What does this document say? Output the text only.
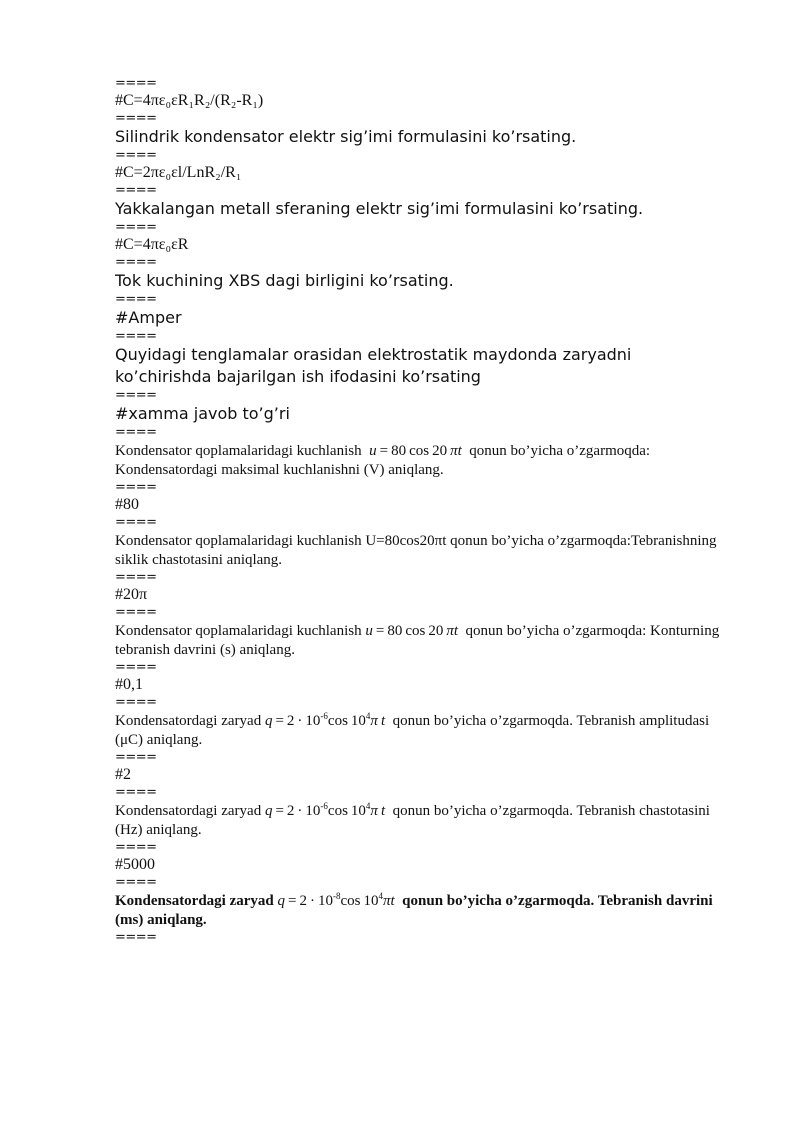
====
#C=4πε₀εR₁R₂/(R₂-R₁)
====
Silindrik kondensator elektr sig’imi formulasini ko’rsating.
====
#C=2πε₀εl/LnR₂/R₁
====
Yakkalangan metall sferaning elektr sig’imi formulasini ko’rsating.
====
#C=4πε₀εR
====
Tok kuchining XBS dagi birligini ko’rsating.
====
#Amper
====
Quyidagi tenglamalar orasidan elektrostatik maydonda zaryadni ko’chirishda bajarilgan ish ifodasini ko’rsating
====
#xamma javob to’g’ri
====
Kondensator qoplamalaridagi kuchlanish u = 80 cos 20 πt qonun bo’yicha o’zgarmoqda: Kondensatordagi maksimal kuchlanishni (V) aniqlang.
====
#80
====
Kondensator qoplamalaridagi kuchlanish U=80cos20πt qonun bo’yicha o’zgarmoqda:Tebranishning siklik chastotasini aniqlang.
====
#20π
====
Kondensator qoplamalaridagi kuchlanish u = 80 cos 20 πt qonun bo’yicha o’zgarmoqda: Konturning tebranish davrini (s) aniqlang.
====
#0,1
====
Kondensatordagi zaryad $q = 2 \cdot 10^{-6}\cos$ $10^4\pi$ t qonun bo’yicha o’zgarmoqda. Tebranish amplitudasi (μC) aniqlang.
====
#2
====
Kondensatordagi zaryad $q = 2 \cdot 10^{-6}\cos$ $10^4\pi$ t qonun bo’yicha o’zgarmoqda. Tebranish chastotasini (Hz) aniqlang.
====
#5000
====
Kondensatordagi zaryad $q = 2 \cdot 10^{-8}\cos$ $10^4\pi t$ qonun bo’yicha o’zgarmoqda. Tebranish davrini (ms) aniqlang.
====
